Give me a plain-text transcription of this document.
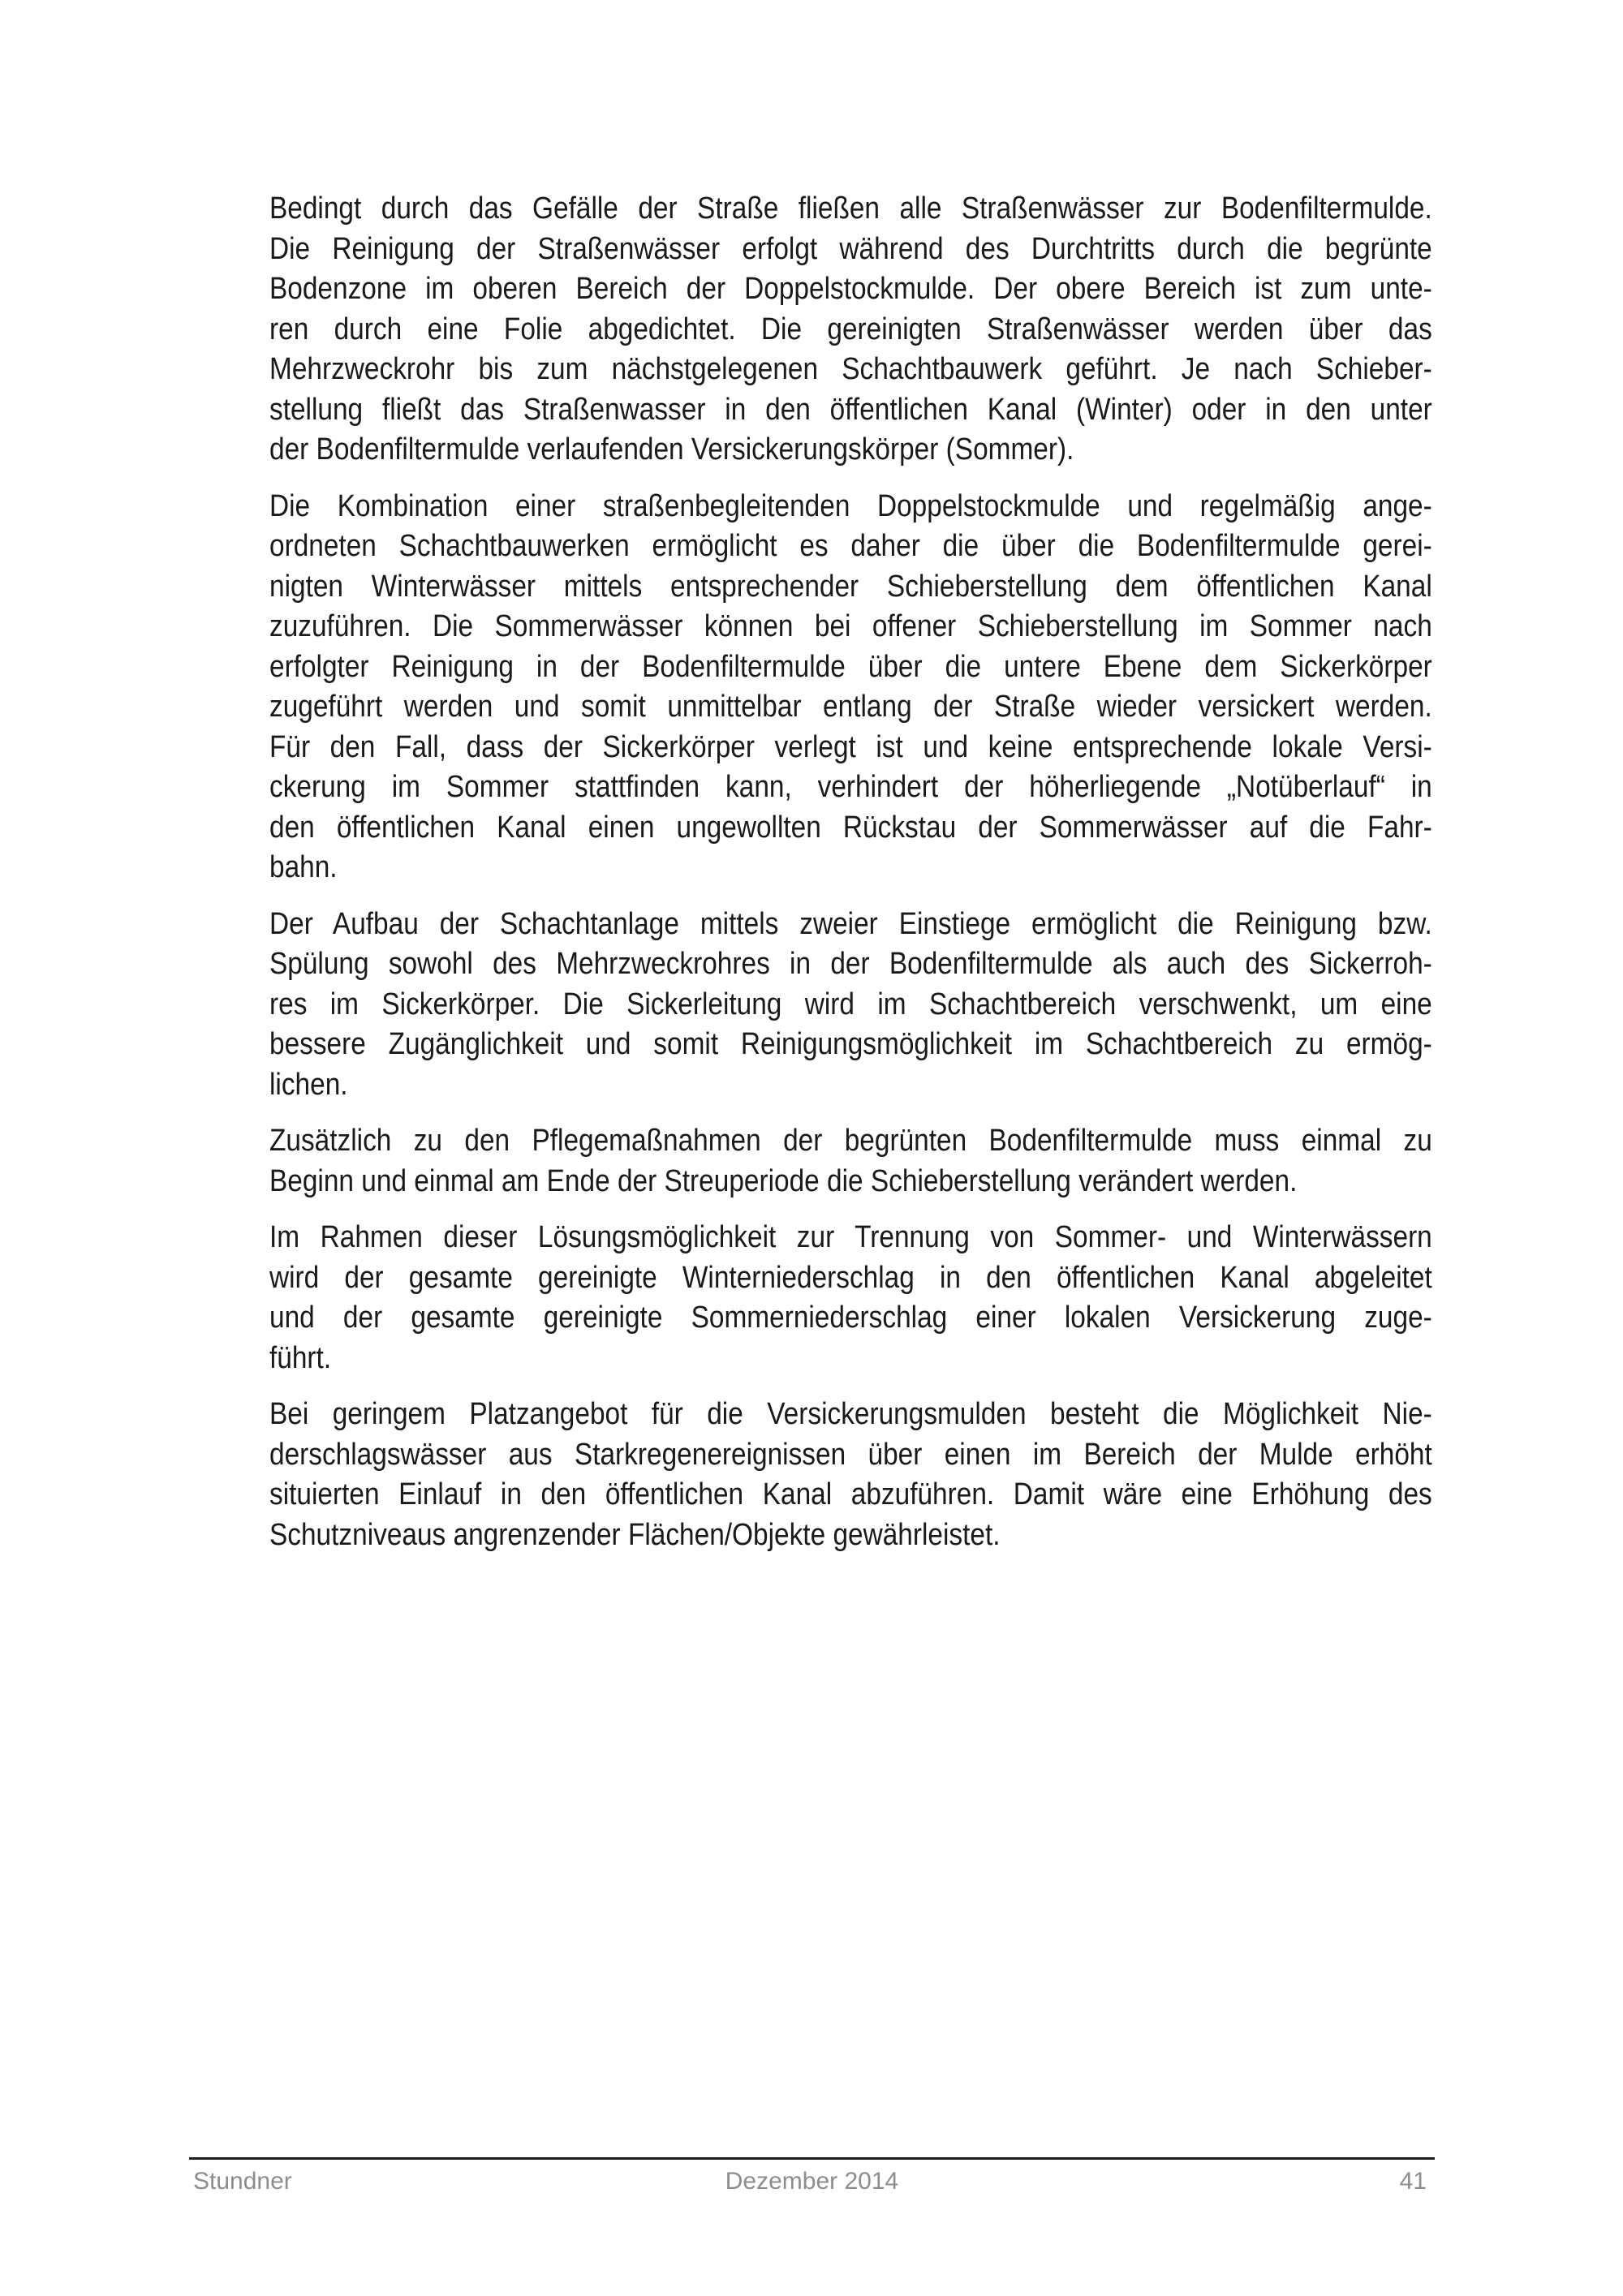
Bedingt durch das Gefälle der Straße fließen alle Straßenwässer zur Bodenfiltermulde.
Die Reinigung der Straßenwässer erfolgt während des Durchtritts durch die begrünte
Bodenzone im oberen Bereich der Doppelstockmulde. Der obere Bereich ist zum unte-
ren durch eine Folie abgedichtet. Die gereinigten Straßenwässer werden über das
Mehrzweckrohr bis zum nächstgelegenen Schachtbauwerk geführt. Je nach Schieber-
stellung fließt das Straßenwasser in den öffentlichen Kanal (Winter) oder in den unter
der Bodenfiltermulde verlaufenden Versickerungskörper (Sommer).

Die Kombination einer straßenbegleitenden Doppelstockmulde und regelmäßig ange-
ordneten Schachtbauwerken ermöglicht es daher die über die Bodenfiltermulde gerei-
nigten Winterwässer mittels entsprechender Schieberstellung dem öffentlichen Kanal
zuzuführen. Die Sommerwässer können bei offener Schieberstellung im Sommer nach
erfolgter Reinigung in der Bodenfiltermulde über die untere Ebene dem Sickerkörper
zugeführt werden und somit unmittelbar entlang der Straße wieder versickert werden.
Für den Fall, dass der Sickerkörper verlegt ist und keine entsprechende lokale Versi-
ckerung im Sommer stattfinden kann, verhindert der höherliegende „Notüberlauf“ in
den öffentlichen Kanal einen ungewollten Rückstau der Sommerwässer auf die Fahr-
bahn.

Der Aufbau der Schachtanlage mittels zweier Einstiege ermöglicht die Reinigung bzw.
Spülung sowohl des Mehrzweckrohres in der Bodenfiltermulde als auch des Sickerroh-
res im Sickerkörper. Die Sickerleitung wird im Schachtbereich verschwenkt, um eine
bessere Zugänglichkeit und somit Reinigungsmöglichkeit im Schachtbereich zu ermög-
lichen.

Zusätzlich zu den Pflegemaßnahmen der begrünten Bodenfiltermulde muss einmal zu
Beginn und einmal am Ende der Streuperiode die Schieberstellung verändert werden.

Im Rahmen dieser Lösungsmöglichkeit zur Trennung von Sommer- und Winterwässern
wird der gesamte gereinigte Winterniederschlag in den öffentlichen Kanal abgeleitet
und der gesamte gereinigte Sommerniederschlag einer lokalen Versickerung zuge-
führt.

Bei geringem Platzangebot für die Versickerungsmulden besteht die Möglichkeit Nie-
derschlagswässer aus Starkregenereignissen über einen im Bereich der Mulde erhöht
situierten Einlauf in den öffentlichen Kanal abzuführen. Damit wäre eine Erhöhung des
Schutzniveaus angrenzender Flächen/Objekte gewährleistet.

Stundner	Dezember 2014	41
